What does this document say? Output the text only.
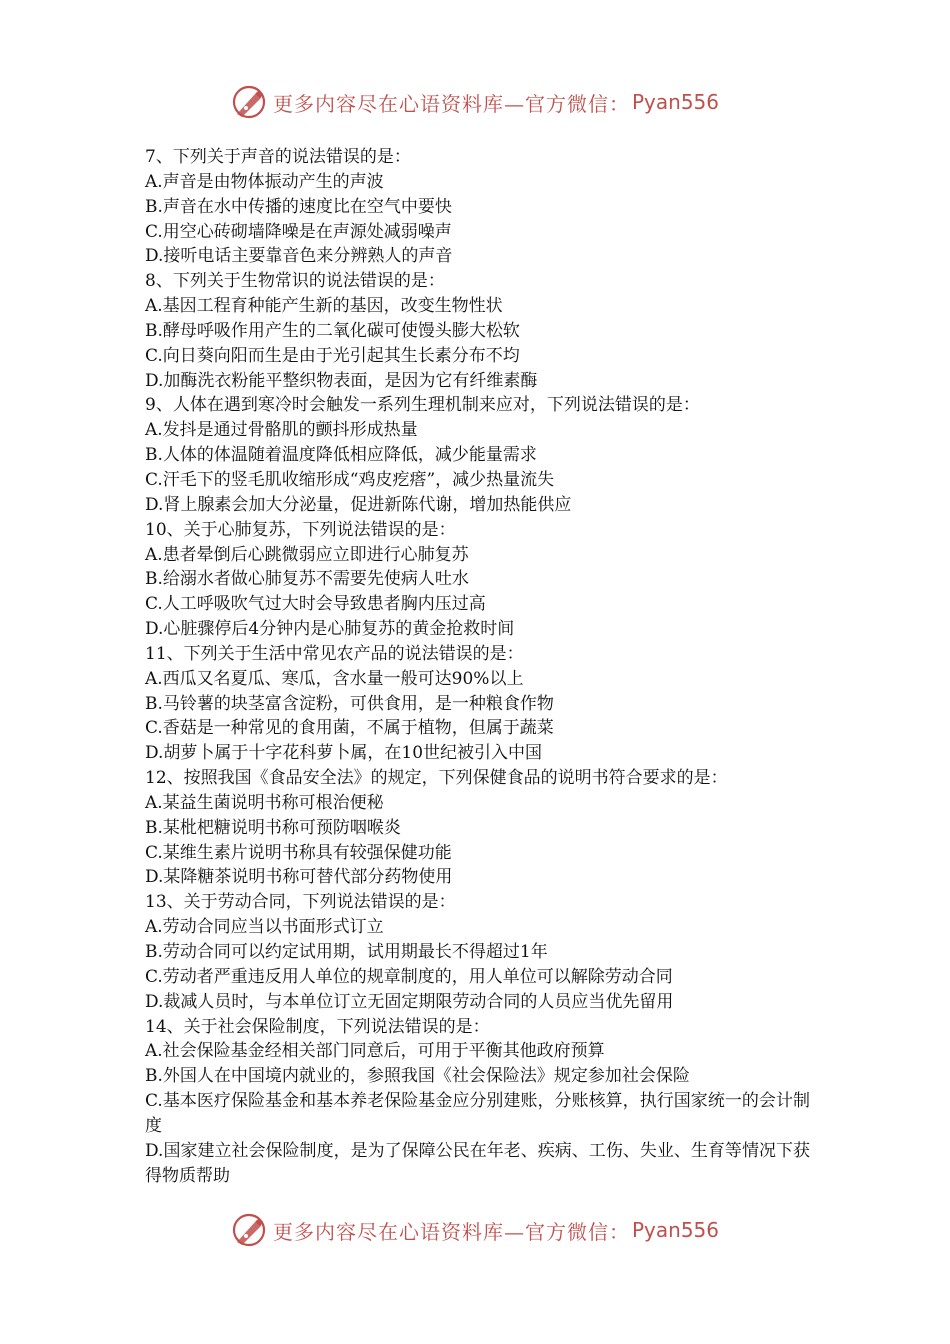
更多内容尽在心语资料库—官方微信： Pyan556
7、下列关于声音的说法错误的是：
A.声音是由物体振动产生的声波
B.声音在水中传播的速度比在空气中要快
C.用空心砖砌墙降噪是在声源处减弱噪声
D.接听电话主要靠音色来分辨熟人的声音
8、下列关于生物常识的说法错误的是：
A.基因工程育种能产生新的基因，改变生物性状
B.酵母呼吸作用产生的二氧化碳可使馒头膨大松软
C.向日葵向阳而生是由于光引起其生长素分布不均
D.加酶洗衣粉能平整织物表面，是因为它有纤维素酶
9、人体在遇到寒冷时会触发一系列生理机制来应对，下列说法错误的是：
A.发抖是通过骨骼肌的颤抖形成热量
B.人体的体温随着温度降低相应降低，减少能量需求
C.汗毛下的竖毛肌收缩形成“鸡皮疙瘩”，减少热量流失
D.肾上腺素会加大分泌量，促进新陈代谢，增加热能供应
10、关于心肺复苏，下列说法错误的是：
A.患者晕倒后心跳微弱应立即进行心肺复苏
B.给溺水者做心肺复苏不需要先使病人吐水
C.人工呼吸吹气过大时会导致患者胸内压过高
D.心脏骤停后4分钟内是心肺复苏的黄金抢救时间
11、下列关于生活中常见农产品的说法错误的是：
A.西瓜又名夏瓜、寒瓜，含水量一般可达90%以上
B.马铃薯的块茎富含淀粉，可供食用，是一种粮食作物
C.香菇是一种常见的食用菌，不属于植物，但属于蔬菜
D.胡萝卜属于十字花科萝卜属，在10世纪被引入中国
12、按照我国《食品安全法》的规定，下列保健食品的说明书符合要求的是：
A.某益生菌说明书称可根治便秘
B.某枇杷糖说明书称可预防咽喉炎
C.某维生素片说明书称具有较强保健功能
D.某降糖茶说明书称可替代部分药物使用
13、关于劳动合同，下列说法错误的是：
A.劳动合同应当以书面形式订立
B.劳动合同可以约定试用期，试用期最长不得超过1年
C.劳动者严重违反用人单位的规章制度的，用人单位可以解除劳动合同
D.裁减人员时，与本单位订立无固定期限劳动合同的人员应当优先留用
14、关于社会保险制度，下列说法错误的是：
A.社会保险基金经相关部门同意后，可用于平衡其他政府预算
B.外国人在中国境内就业的，参照我国《社会保险法》规定参加社会保险
C.基本医疗保险基金和基本养老保险基金应分别建账，分账核算，执行国家统一的会计制度
D.国家建立社会保险制度，是为了保障公民在年老、疾病、工伤、失业、生育等情况下获得物质帮助
更多内容尽在心语资料库—官方微信： Pyan556
